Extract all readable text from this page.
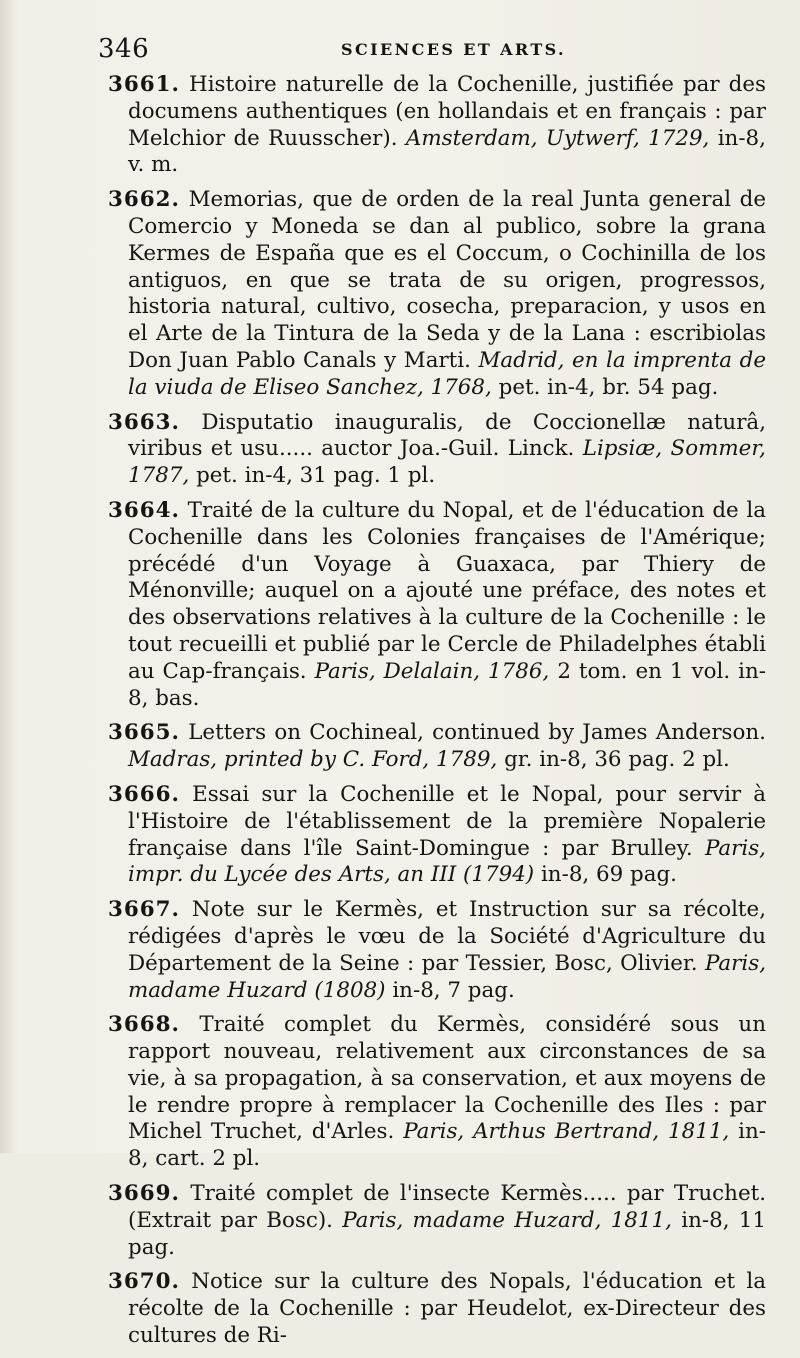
346	SCIENCES ET ARTS.

3661. Histoire naturelle de la Cochenille, justifiée par des documens authentiques (en hollandais et en français : par Melchior de Ruusscher). Amsterdam, Uytwerf, 1729, in-8, v. m.

3662. Memorias, que de orden de la real Junta general de Comercio y Moneda se dan al publico, sobre la grana Kermes de España que es el Coccum, o Cochinilla de los antiguos, en que se trata de su origen, progressos, historia natural, cultivo, cosecha, preparacion, y usos en el Arte de la Tintura de la Seda y de la Lana : escribiolas Don Juan Pablo Canals y Marti. Madrid, en la imprenta de la viuda de Eliseo Sanchez, 1768, pet. in-4, br. 54 pag.

3663. Disputatio inauguralis, de Coccionellæ naturâ, viribus et usu..... auctor Joa.-Guil. Linck. Lipsiæ, Sommer, 1787, pet. in-4, 31 pag. 1 pl.

3664. Traité de la culture du Nopal, et de l'éducation de la Cochenille dans les Colonies françaises de l'Amérique; précédé d'un Voyage à Guaxaca, par Thiery de Ménonville; auquel on a ajouté une préface, des notes et des observations relatives à la culture de la Cochenille : le tout recueilli et publié par le Cercle de Philadelphes établi au Cap-français. Paris, Delalain, 1786, 2 tom. en 1 vol. in-8, bas.

3665. Letters on Cochineal, continued by James Anderson. Madras, printed by C. Ford, 1789, gr. in-8, 36 pag. 2 pl.

3666. Essai sur la Cochenille et le Nopal, pour servir à l'Histoire de l'établissement de la première Nopalerie française dans l'île Saint-Domingue : par Brulley. Paris, impr. du Lycée des Arts, an III (1794) in-8, 69 pag.

3667. Note sur le Kermès, et Instruction sur sa récolte, rédigées d'après le vœu de la Société d'Agriculture du Département de la Seine : par Tessier, Bosc, Olivier. Paris, madame Huzard (1808) in-8, 7 pag.

3668. Traité complet du Kermès, considéré sous un rapport nouveau, relativement aux circonstances de sa vie, à sa propagation, à sa conservation, et aux moyens de le rendre propre à remplacer la Cochenille des Iles : par Michel Truchet, d'Arles. Paris, Arthus Bertrand, 1811, in-8, cart. 2 pl.

3669. Traité complet de l'insecte Kermès..... par Truchet. (Extrait par Bosc). Paris, madame Huzard, 1811, in-8, 11 pag.

3670. Notice sur la culture des Nopals, l'éducation et la récolte de la Cochenille : par Heudelot, ex-Directeur des cultures de Ri-
